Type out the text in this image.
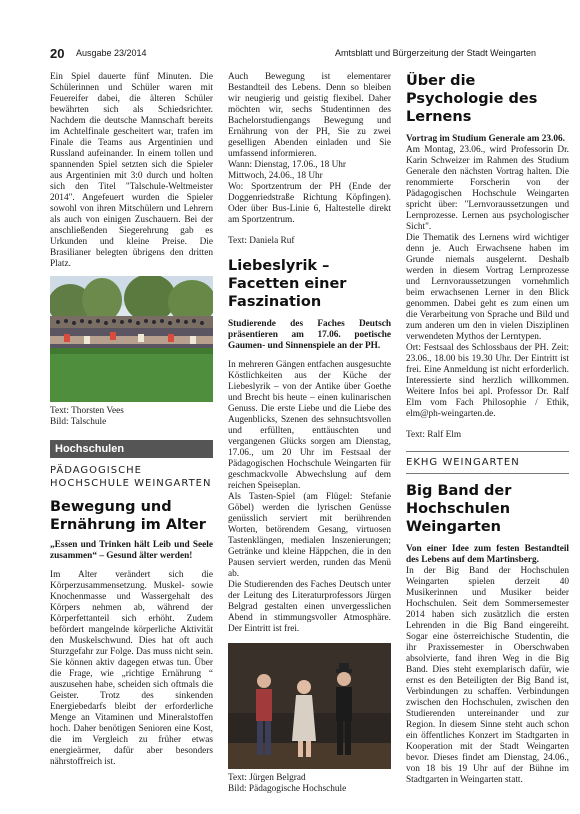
20 Ausgabe 23/2014	Amtsblatt und Bürgerzeitung der Stadt Weingarten

Ein Spiel dauerte fünf Minuten. Die Schülerinnen und Schüler waren mit Feuereifer dabei, die älteren Schüler bewährten sich als Schiedsrichter. Nachdem die deutsche Mannschaft bereits im Achtelfinale gescheitert war, trafen im Finale die Teams aus Argentinien und Russland aufeinander. In einem tollen und spannenden Spiel setzten sich die Spieler aus Argentinien mit 3:0 durch und holten sich den Titel "Talschule-Weltmeister 2014". Angefeuert wurden die Spieler sowohl von ihren Mitschülern und Lehrern als auch von einigen Zuschauern. Bei der anschließenden Siegerehrung gab es Urkunden und kleine Preise. Die Brasilianer belegten übrigens den dritten Platz.

Text: Thorsten Vees

Bild: Talschule

Hochschulen

PÄDAGOGISCHE HOCHSCHULE WEINGARTEN

Bewegung und Ernährung im Alter

„Essen und Trinken hält Leib und Seele zusammen“ – Gesund älter werden!

Im Alter verändert sich die Körperzusammensetzung. Muskel- sowie Knochenmasse und Wassergehalt des Körpers nehmen ab, während der Körperfettanteil sich erhöht. Zudem befördert mangelnde körperliche Aktivität den Muskelschwund. Dies hat oft auch Sturzgefahr zur Folge. Das muss nicht sein. Sie können aktiv dagegen etwas tun. Über die Frage, wie „richtige Ernährung “ auszusehen habe, scheiden sich oftmals die Geister. Trotz des sinkenden Energiebedarfs bleibt der erforderliche Menge an Vitaminen und Mineralstoffen hoch. Daher benötigen Senioren eine Kost, die im Vergleich zu früher etwas energieärmer, dafür aber besonders nährstoffreich ist.

Auch Bewegung ist elementarer Bestandteil des Lebens. Denn so bleiben wir neugierig und geistig flexibel. Daher möchten wir, sechs Studentinnen des Bachelorstudiengangs Bewegung und Ernährung von der PH, Sie zu zwei geselligen Abenden einladen und Sie umfassend informieren.

Wann: Dienstag, 17.06., 18 Uhr

Mittwoch, 24.06., 18 Uhr

Wo: Sportzentrum der PH (Ende der Doggenriedstraße Richtung Köpfingen). Oder über Bus-Linie 6, Haltestelle direkt am Sportzentrum.

Text: Daniela Ruf

Liebeslyrik – Facetten einer Faszination

Studierende des Faches Deutsch präsentieren am 17.06. poetische Gaumen- und Sinnenspiele an der PH.

In mehreren Gängen entfachen ausgesuchte Köstlichkeiten aus der Küche der Liebeslyrik – von der Antike über Goethe und Brecht bis heute – einen kulinarischen Genuss. Die erste Liebe und die Liebe des Augenblicks, Szenen des sehnsuchtsvollen und erfüllten, enttäuschten und vergangenen Glücks sorgen am Dienstag, 17.06., um 20 Uhr im Festsaal der Pädagogischen Hochschule Weingarten für geschmackvolle Abwechslung auf dem reichen Speiseplan.

Als Tasten-Spiel (am Flügel: Stefanie Göbel) werden die lyrischen Genüsse genüsslich serviert mit berührenden Worten, betörendem Gesang, virtuosen Tastenklängen, medialen Inszenierungen; Getränke und kleine Häppchen, die in den Pausen serviert werden, runden das Menü ab.

Die Studierenden des Faches Deutsch unter der Leitung des Literaturprofessors Jürgen Belgrad gestalten einen unvergesslichen Abend in stimmungsvoller Atmosphäre. Der Eintritt ist frei.

Text: Jürgen Belgrad

Bild: Pädagogische Hochschule

Über die Psychologie des Lernens

Vortrag im Studium Generale am 23.06.

Am Montag, 23.06., wird Professorin Dr. Karin Schweizer im Rahmen des Studium Generale den nächsten Vortrag halten. Die renommierte Forscherin von der Pädagogischen Hochschule Weingarten spricht über: "Lernvoraussetzungen und Lernprozesse. Lernen aus psychologischer Sicht".

Die Thematik des Lernens wird wichtiger denn je. Auch Erwachsene haben im Grunde niemals ausgelernt. Deshalb werden in diesem Vortrag Lernprozesse und Lernvoraussetzungen vornehmlich beim erwachsenen Lerner in den Blick genommen. Dabei geht es zum einen um die Verarbeitung von Sprache und Bild und zum anderen um den in vielen Disziplinen verwendeten Mythos der Lerntypen.

Ort: Festsaal des Schlossbaus der PH. Zeit: 23.06., 18.00 bis 19.30 Uhr. Der Eintritt ist frei. Eine Anmeldung ist nicht erforderlich. Interessierte sind herzlich willkommen. Weitere Infos bei apl. Professor Dr. Ralf Elm vom Fach Philosophie / Ethik, elm@ph-weingarten.de.

Text: Ralf Elm

EKHG WEINGARTEN

Big Band der Hochschulen Weingarten

Von einer Idee zum festen Bestandteil des Lebens auf dem Martinsberg.

In der Big Band der Hochschulen Weingarten spielen derzeit 40 Musikerinnen und Musiker beider Hochschulen. Seit dem Sommersemester 2014 haben sich zusätzlich die ersten Lehrenden in die Big Band eingereiht. Sogar eine österreichische Studentin, die ihr Praxissemester in Oberschwaben absolvierte, fand ihren Weg in die Big Band. Dies steht exemplarisch dafür, wie ernst es den Beteiligten der Big Band ist, Verbindungen zu schaffen. Verbindungen zwischen den Hochschulen, zwischen den Studierenden untereinander und zur Region. In diesem Sinne steht auch schon ein öffentliches Konzert im Stadtgarten in Kooperation mit der Stadt Weingarten bevor. Dieses findet am Dienstag, 24.06., von 18 bis 19 Uhr auf der Bühne im Stadtgarten in Weingarten statt.
